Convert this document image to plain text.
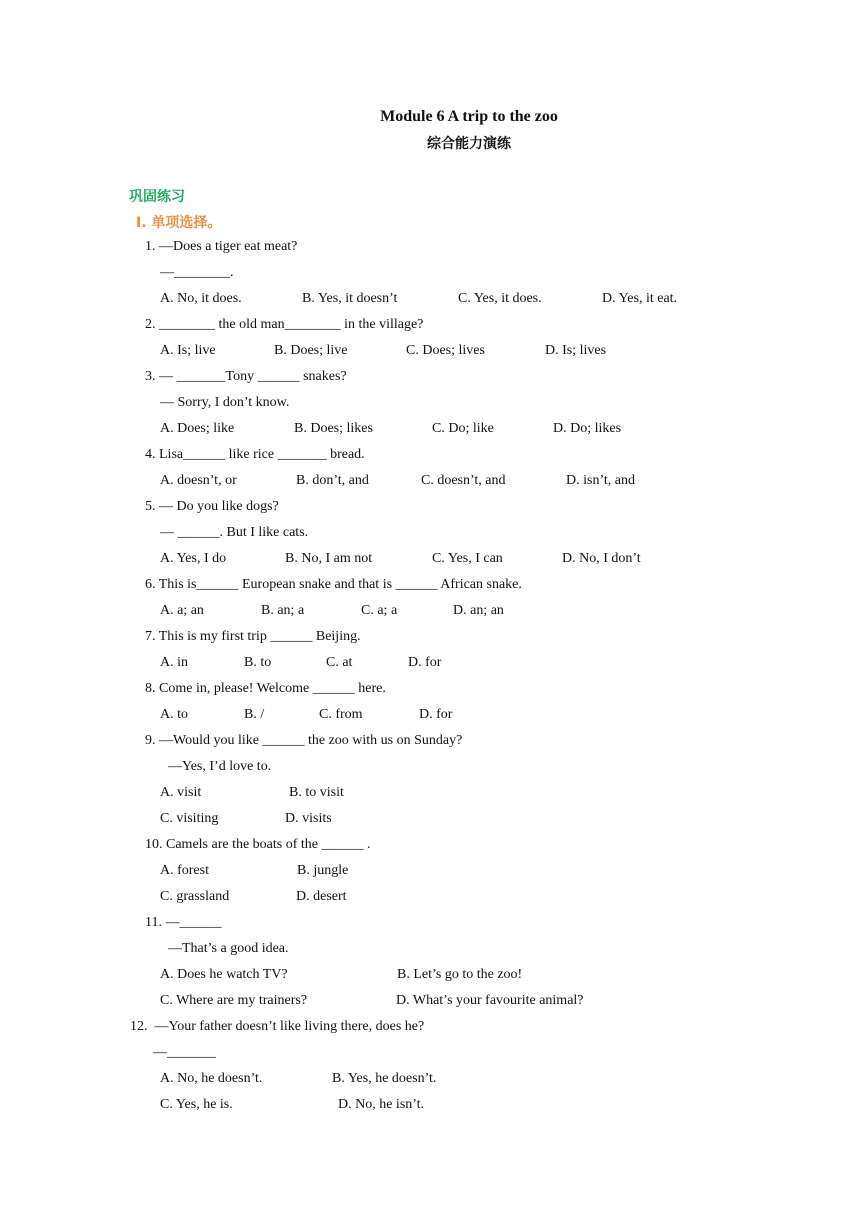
Module 6 A trip to the zoo
综合能力演练
巩固练习
Ⅰ. 单项选择。
1. —Does a tiger eat meat?
—________.
A. No, it does.	B. Yes, it doesn’t	C. Yes, it does.	D. Yes, it eat.
2. ________ the old man________ in the village?
A. Is; live	B. Does; live	C. Does; lives	D. Is; lives
3. — _______Tony ______ snakes?
— Sorry, I don’t know.
A. Does; like	B. Does; likes	C. Do; like	D. Do; likes
4. Lisa______ like rice _______ bread.
A. doesn’t, or	B. don’t, and	C. doesn’t, and	D. isn’t, and
5. — Do you like dogs?
— ______. But I like cats.
A. Yes, I do	B. No, I am not	C. Yes, I can	D. No, I don’t
6. This is______ European snake and that is ______ African snake.
A. a; an	B. an; a	C. a; a	D. an; an
7. This is my first trip ______ Beijing.
A. in	B. to	C. at	D. for
8. Come in, please! Welcome ______ here.
A. to	B. /	C. from	D. for
9. —Would you like ______ the zoo with us on Sunday?
—Yes, I’d love to.
A. visit	B. to visit
C. visiting	D. visits
10. Camels are the boats of the ______ .
A. forest	B. jungle
C. grassland	D. desert
11. —______
—That’s a good idea.
A. Does he watch TV?	B. Let’s go to the zoo!
C. Where are my trainers?	D. What’s your favourite animal?
12.  —Your father doesn’t like living there, does he?
—_______
A. No, he doesn’t.	B. Yes, he doesn’t.
C. Yes, he is.	D. No, he isn’t.
